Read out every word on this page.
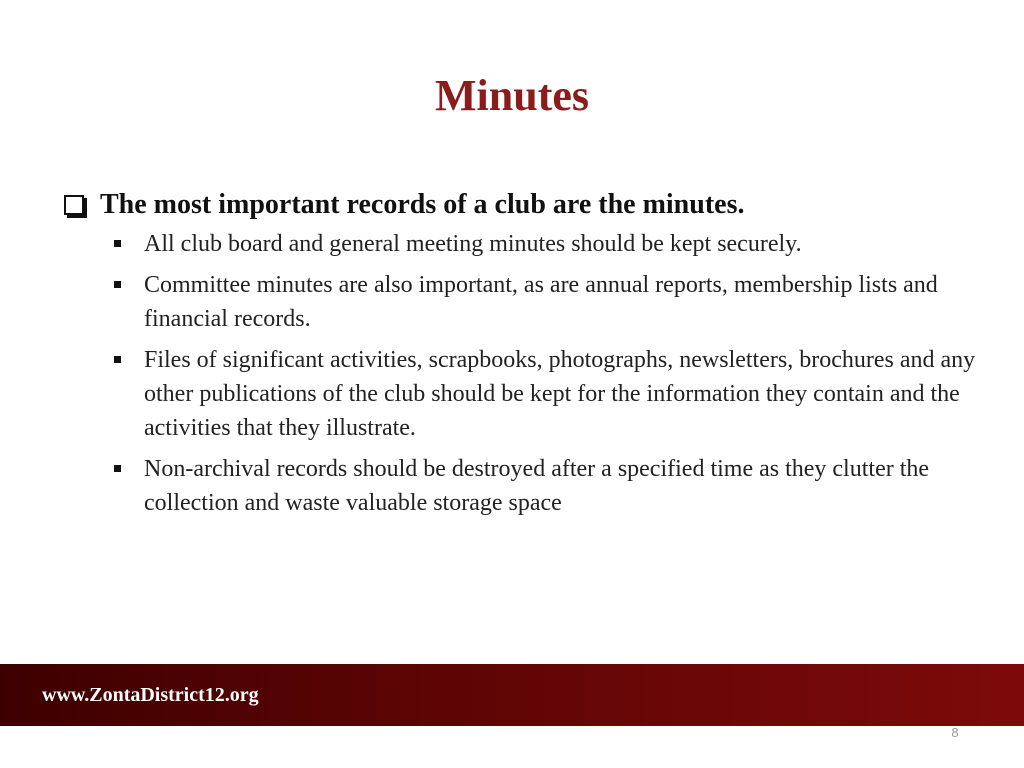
Minutes
The most important records of a club are the minutes.
All club board and general meeting minutes should be kept securely.
Committee minutes are also important, as are annual reports, membership lists and financial records.
Files of significant activities, scrapbooks, photographs, newsletters, brochures and any other publications of the club should be kept for the information they contain and the activities that they illustrate.
Non-archival records should be destroyed after a specified time as they clutter the collection and waste valuable storage space
www.ZontaDistrict12.org
8
